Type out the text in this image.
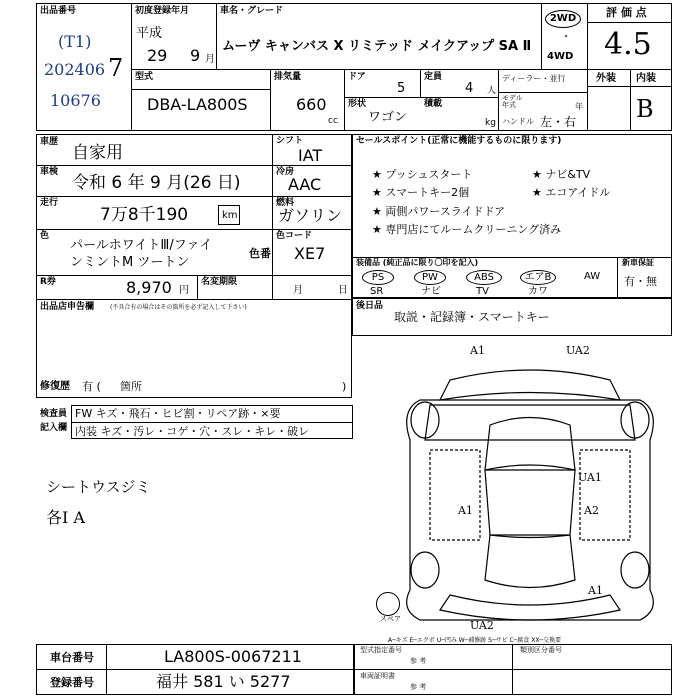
出品番号
(T1)
202406
10676
7
初度登録年月
平成
29 9 月
車名・グレード
ムーヴ キャンバス X リミテッド メイクアップ SA Ⅱ
2WD
・
4WD
評 価 点
4.5
外装 内装
B
型式
DBA-LA800S
排気量
660
cc
ドア
5
定員
4 人
形状
ワゴン
積載
kg
ディーラー・並行
モデル年式	年
ハンドル 左・右
車歴
自家用
車検
令和 6 年 9 月(26 日)
走行
7万8千190	km
色
パールホワイトⅢ/ファイ
ンミントM ツートン
色番
色コード
XE7
R券	8,970 円
名変期限
月	日
シフト
IAT
冷房
AAC
燃料
ガソリン
出品店申告欄	(不具合有の場合はその箇所を必ず記入して下さい)
修復歴 有 ( 箇所	)
検査員
記入欄
FW キズ・飛石・ヒビ割・リペア跡・×要
内装 キズ・汚レ・コゲ・穴・スレ・キレ・破レ
シートウスジミ
各I A
セールスポイント(正常に機能するものに限ります)
★ プッシュスタート
★ スマートキー2個
★ 両側パワースライドドア
★ 専門店にてルームクリーニング済み
★ ナビ&TV
★ エコアイドル
装備品 (純正品に限り〇印を記入)	新車保証
有・無
PS	PW	ABS	エアB	AW
SR	ナビ	TV	カワ
後日品
取説・記録簿・スマートキー
スペア
A1	UA2
UA1
A1	A2
A1
UA2
A─キズ E─エクボ U─凹み W─補修跡 S─サビ C─腐食 XX─交換要
車台番号	LA800S-0067211
登録番号	福井 581 い 5277
型式指定番号
参 考
類別区分番号
車両証明書
参 考
